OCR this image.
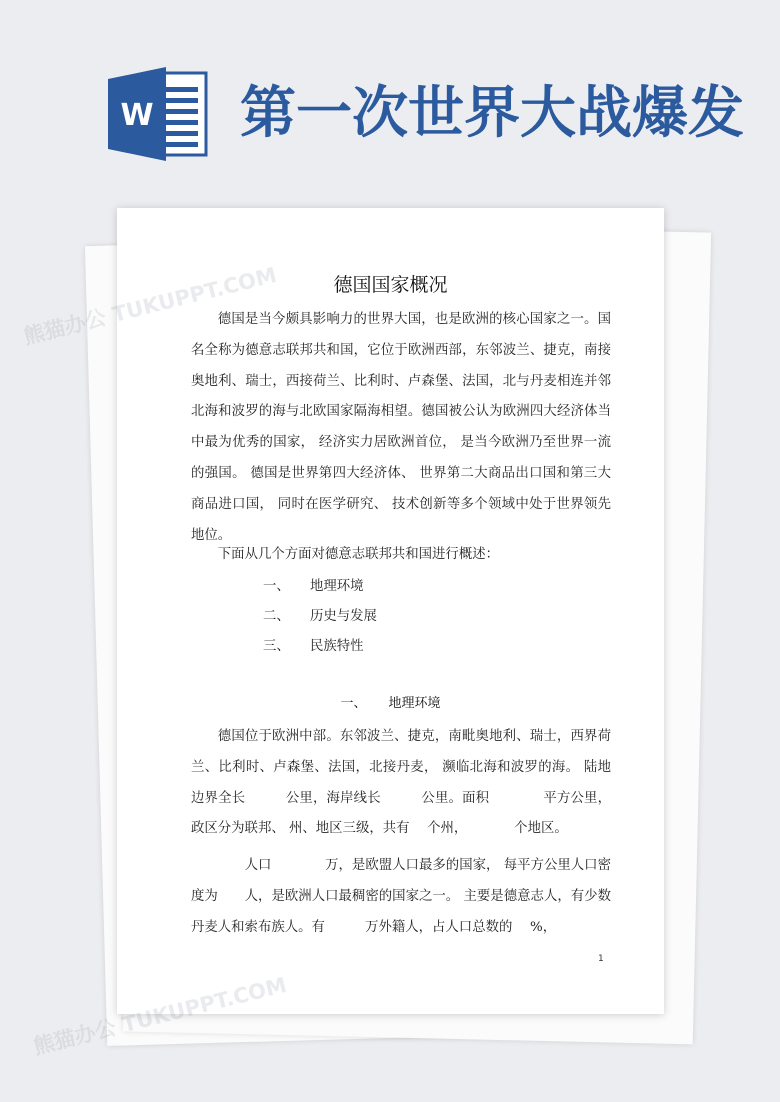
W 第一次世界大战爆发
德国国家概况

德国是当今颇具影响力的世界大国，也是欧洲的核心国家之一。国名全称为德意志联邦共和国，它位于欧洲西部，东邻波兰、捷克，南接奥地利、瑞士，西接荷兰、比利时、卢森堡、法国，北与丹麦相连并邻北海和波罗的海与北欧国家隔海相望。德国被公认为欧洲四大经济体当中最为优秀的国家， 经济实力居欧洲首位， 是当今欧洲乃至世界一流的强国。 德国是世界第四大经济体、 世界第二大商品出口国和第三大商品进口国， 同时在医学研究、 技术创新等多个领域中处于世界领先地位。

下面从几个方面对德意志联邦共和国进行概述：

一、 地理环境
二、 历史与发展
三、 民族特性
一、 地理环境

德国位于欧洲中部。东邻波兰、捷克，南毗奥地利、瑞士，西界荷兰、比利时、卢森堡、法国，北接丹麦， 濒临北海和波罗的海。 陆地边界全长　　　公里，海岸线长　　　公里。面积　　　　平方公里，政区分为联邦、 州、地区三级，共有　 个州，　　　　个地区。

　　人口　　　　万，是欧盟人口最多的国家， 每平方公里人口密度为　　人，是欧洲人口最稠密的国家之一。 主要是德意志人，有少数丹麦人和索布族人。有　　　万外籍人，占人口总数的　 %，

1
熊猫办公
熊猫办公
